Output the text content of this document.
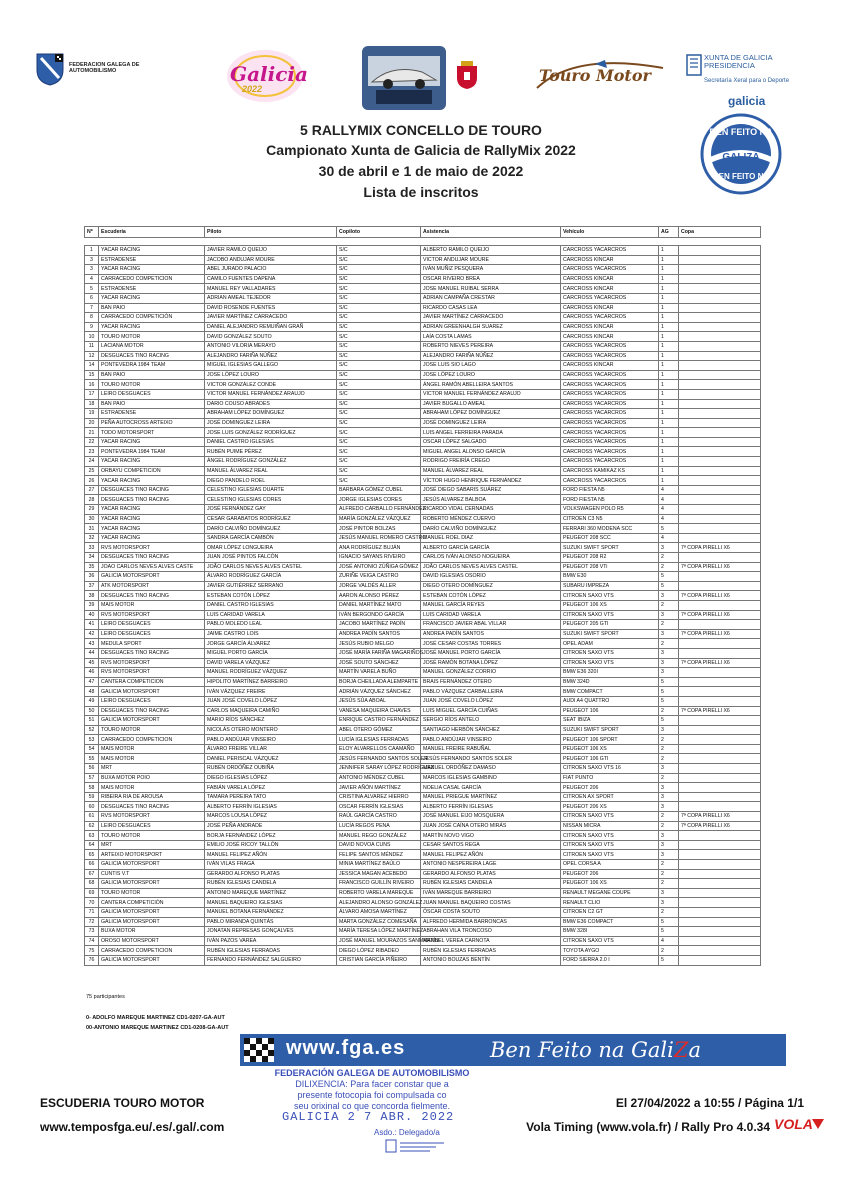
FEDERACION GALEGA DE AUTOMOBILISMO	Galicia
2022
Touro Motor
XUNTA DE GALICIA
PRESIDENCIA
Secretaría Xeral para o Deporte
galicia
BEN FEITO NA
GALIZA
BEN FEITO NA
5 RALLYMIX CONCELLO DE TOURO
Campionato Xunta de Galicia de RallyMix 2022
30 de abril e 1 de maio de 2022
Lista de inscritos
Nº	Escudería	Piloto	Copiloto	Asistencia	Vehículo	AG	Copa

1	YACAR RACING	JAVIER RAMILO QUEIJO	S/C	ALBERTO RAMILO QUEIJO	CARCROSS YACARCROS	1	
3	ESTRADENSE	JACOBO ANDUJAR MOURE	S/C	VICTOR ANDUJAR MOURE	CARCROSS KINCAR	1	
3	YACAR RACING	ABEL JURADO PALACIO	S/C	IVÁN MUÑIZ PESQUERA	CARCROSS YACARCROS	1	
4	CARRACEDO COMPETICION	CAMILO FUENTES DAPENA	S/C	OSCAR RIVEIRO BREA	CARCROSS KINCAR	1	
5	ESTRADENSE	MANUEL REY VALLADARES	S/C	JOSE MANUEL RUIBAL SERRA	CARCROSS KINCAR	1	
6	YACAR RACING	ADRIAN AMEAL TEJEDOR	S/C	ADRIAN CAMPAÑA CRESTAR	CARCROSS YACARCROS	1	
7	BAN PAIO	DAVID ROSENDE FUENTES	S/C	RICARDO CASAS LEA	CARCROSS KINCAR	1	
8	CARRACEDO COMPETICIÓN	JAVIER MARTÍNEZ CARRACEDO	S/C	JAVIER MARTÍNEZ CARRACEDO	CARCROSS YACARCROS	1	
9	YACAR RACING	DANIEL ALEJANDRO REMUIÑAN GRAÑ	S/C	ADRIAN GREENHALGH SUAREZ	CARCROSS KINCAR	1	
10	TOURO MOTOR	DAVID GONZÁLEZ SOUTO	S/C	LAÍA COSTA LAMAS	CARCROSS KINCAR	1	
11	LACIANA MOTOR	ANTONIO VILORIA MERAYO	S/C	ROBERTO NIEVES PEREIRA	CARCROSS YACARCROS	1	
12	DESGUACES TINO RACING	ALEJANDRO FARIÑA NÚÑEZ	S/C	ALEJANDRO FARIÑA NÚÑEZ	CARCROSS YACARCROS	1	
14	PONTEVEDRA 1984 TEAM	MIGUEL IGLESIAS GALLEGO	S/C	JOSE LUIS SIO LAGO	CARCROSS KINCAR	1	
15	BAN PAIO	JOSE LÓPEZ LOURO	S/C	JOSE LÓPEZ LOURO	CARCROSS YACARCROS	1	
16	TOURO MOTOR	VICTOR GONZÁLEZ CONDE	S/C	ÁNGEL RAMÓN ABELLEIRA SANTOS	CARCROSS YACARCROS	1	
17	LEIRO DESGUACES	VICTOR MANUEL FERNÁNDEZ ARAUJO	S/C	VICTOR MANUEL FERNÁNDEZ ARAUJO	CARCROSS YACARCROS	1	
18	BAN PAIO	DARIO COUSO ABRADES	S/C	JAVIER BUGALLO AMEAL	CARCROSS YACARCROS	1	
19	ESTRADENSE	ABRAHAM LÓPEZ DOMÍNGUEZ	S/C	ABRAHAM LÓPEZ DOMÍNGUEZ	CARCROSS YACARCROS	1	
20	PEÑA AUTOCROSS ARTEIXO	JOSÉ DOMINGUEZ LEIRA	S/C	JOSÉ DOMINGUEZ LEIRA	CARCROSS YACARCROS	1	
21	TODO MOTORSPORT	JOSE LUIS GONZÁLEZ RODRÍGUEZ	S/C	LUIS ANGEL FERREIRA PARADA	CARCROSS YACARCROS	1	
22	YACAR RACING	DANIEL CASTRO IGLESIAS	S/C	OSCAR LÓPEZ SALGADO	CARCROSS YACARCROS	1	
23	PONTEVEDRA 1984 TEAM	RUBÉN PUIME PÉREZ	S/C	MIGUEL ANGEL ALONSO GARCÍA	CARCROSS YACARCROS	1	
24	YACAR RACING	ÁNGEL RODRÍGUEZ GONZÁLEZ	S/C	RODRIGO FREIRÍA CREGO	CARCROSS YACARCROS	1	
25	ORBAYU COMPETICION	MANUEL ÁLVAREZ REAL	S/C	MANUEL ÁLVAREZ REAL	CARCROSS KAMIKAZ KS	1	
26	YACAR RACING	DIEGO PANDELO ROEL	S/C	VÍCTOR HUGO HENRIQUE FERNÁNDEZ	CARCROSS YACARCROS	1	
27	DESGUACES TINO RACING	CELESTINO IGLESIAS DUARTE	BARBARA GÓMEZ CUBEL	JOSÉ DIEGO SABARIS SUÁREZ	FORD FIESTA N5	4	
28	DESGUACES TINO RACING	CELESTINO IGLESIAS CORES	JORGE IGLESIAS CORES	JESÚS ALVAREZ BALBOA	FORD FIESTA N5	4	
29	YACAR RACING	JOSÉ FERNÁNDEZ GAY	ALFREDO CARBALLO FERNÁNDEZ	RICARDO VIDAL CERNADAS	VOLKSWAGEN POLO R5	4	
30	YACAR RACING	CESAR GARABATOS RODRÍGUEZ	MARÍA GONZÁLEZ VÁZQUEZ	ROBERTO MÉNDEZ CUERVO	CITROEN C3 N5	4	
31	YACAR RACING	DARÍO CALVIÑO DOMÍNGUEZ	JOSÉ PINTOR BOLZAS	DARÍO CALVIÑO DOMÍNGUEZ	FERRARI 360 MODENA SCC	5	
32	YACAR RACING	SANDRA GARCÍA CAMBÓN	JESÚS MANUEL ROMERO CASTRO	MANUEL ROEL DIAZ	PEUGEOT 208 SCC	4	
33	RVS MOTORSPORT	OMAR LÓPEZ LONGUEIRA	ANA RODRÍGUEZ BUJÁN	ALBERTO GARCÍA GARCÍA	SUZUKI SWIFT SPORT	3	7ª COPA PIRELLI X6
34	DESGUACES TINO RACING	JUAN JOSÉ PINTOS FALCÓN	IGNACIO SAYANS RIVEIRO	CARLOS IVÁN ALONSO NOGUEIRA	PEUGEOT 208 R2	2	
35	JOAO CARLOS NEVES ALVES CASTE	JOÃO CARLOS NEVES ALVES CASTEL	JOSÉ ANTONIO ZÚÑIGA GÓMEZ	JOÃO CARLOS NEVES ALVES CASTEL	PEUGEOT 208 VTi	2	7ª COPA PIRELLI X6
36	GALICIA MOTORSPORT	ÁLVARO RODRÍGUEZ GARCÍA	ZURIÑE VEIGA CASTRO	DAVID IGLESIAS OSORIO	BMW E30	5	
37	ATK MOTORSPORT	JAVIER GUTIÉRREZ SERRANO	JORGE VALDÉS ALLER	DIEGO OTERO DOMÍNGUEZ	SUBARU IMPREZA	5	
38	DESGUACES TINO RACING	ESTEBAN COTÓN LÓPEZ	AARON ALONSO PÉREZ	ESTEBAN COTÓN LÓPEZ	CITROEN SAXO VTS	3	7ª COPA PIRELLI X6
39	MAIS MOTOR	DANIEL CASTRO IGLESIAS	DANIEL MARTÍNEZ MATO	MANUEL GARCÍA REYES	PEUGEOT 106 XS	2	
40	RVS MOTORSPORT	LUIS CARIDAD VARELA	IVÁN BERGONDO GARCÍA	LUIS CARIDAD VARELA	CITROEN SAXO VTS	3	7ª COPA PIRELLI X6
41	LEIRO DESGUACES	PABLO MOLEDO LEAL	JACOBO MARTÍNEZ PADÍN	FRANCISCO JAVIER ABAL VILLAR	PEUGEOT 205 GTI	2	
42	LEIRO DESGUACES	JAIME CASTRO LOIS	ANDREA PADÍN SANTOS	ANDREA PADÍN SANTOS	SUZUKI SWIFT SPORT	3	7ª COPA PIRELLI X6
43	MEDULA SPORT	JORGE GARCÍA ÁLVAREZ	JESÚS RUBIO MELGO	JOSÉ CESAR COSTAS TORRES	OPEL ADAM	2	
44	DESGUACES TINO RACING	MIGUEL PORTO GARCÍA	JOSÉ MARÍA FARIÑA MAGARIÑOS	JOSÉ MANUEL PORTO GARCÍA	CITROEN SAXO VTS	3	
45	RVS MOTORSPORT	DAVID VARELA VÁZQUEZ	JOSÉ SOUTO SÁNCHEZ	JOSÉ RAMÓN BOTANA LÓPEZ	CITROEN SAXO VTS	3	7ª COPA PIRELLI X6
46	RVS MOTORSPORT	MANUEL RODRÍGUEZ VÁZQUEZ	MARTÍN VARELA BUÑO	MANUEL GONZÁLEZ CORRIO	BMW E36 320I	3	
47	CANTERA COMPETICION	HIPOLITO MARTÍNEZ BARREIRO	BORJA CHEILLADA ALEMPARTE	BRAIS FERNÁNDEZ OTERO	BMW 324D	5	
48	GALICIA MOTORSPORT	IVÁN VÁZQUEZ FREIRE	ADRIÁN VÁZQUEZ SÁNCHEZ	PABLO VÁZQUEZ CARBALLEIRA	BMW COMPACT	5	
49	LEIRO DESGUACES	JUAN JOSÉ COVELO LÓPEZ	JESÚS SÚA ABOAL	JUAN JOSÉ COVELO LÓPEZ	AUDI A4 QUATTRO	5	
50	DESGUACES TINO RACING	CARLOS MAQUEIRA CAMIÑO	VANESA MAQUEIRA CHAVES	LUIS MIGUEL GARCÍA CUIÑAS	PEUGEOT 106	2	7ª COPA PIRELLI X6
51	GALICIA MOTORSPORT	MARIO RÍOS SÁNCHEZ	ENRIQUE CASTRO FERNÁNDEZ	SERGIO RÍOS ANTELO	SEAT IBIZA	5	
52	TOURO MOTOR	NICOLÁS OTERO MONTERO	ABEL OTERO GÓMEZ	SANTIAGO HERBÓN SÁNCHEZ	SUZUKI SWIFT SPORT	3	
53	CARRACEDO COMPETICION	PABLO ANDÚJAR VINSEIRO	LUCÍA IGLESIAS FERRADAS	PABLO ANDÚJAR VINSEIRO	PEUGEOT 106 SPORT	2	
54	MAIS MOTOR	ÁLVARO FREIRE VILLAR	ELOY ALVARELLOS CAAMAÑO	MANUEL FREIRE RABUÑAL	PEUGEOT 106 XS	2	
55	MAIS MOTOR	DANIEL PERISCAL VÁZQUEZ	JESÚS FERNANDO SANTOS SOLER	JESÚS FERNANDO SANTOS SOLER	PEUGEOT 106 GTI	2	
56	MRT	RUBÉN ORDÓÑEZ OUBIÑA	JENNIFER SARAY LÓPEZ RODRÍGUEZ	MANUEL ORDÓÑEZ DAMASO	CITROEN SAXO VTS 16	3	
57	BUXA MOTOR POIO	DIEGO IGLESIAS LÓPEZ	ANTONIO MÉNDEZ CUBEL	MARCOS IGLESIAS GAMBINO	FIAT PUNTO	2	
58	MAIS MOTOR	FABIÁN VARELA LÓPEZ	JAVIER AÑÓN MARTÍNEZ	NOELIA CASAL GARCÍA	PEUGEOT 206	3	
59	RIBEIRA RIA DE AROUSA	TAMARA PEREIRA TATO	CRISTINA ALVAREZ HIERRO	MANUEL PRIEGUE MARTÍNEZ	CITROEN AX SPORT	3	
60	DESGUACES TINO RACING	ALBERTO FERRÍN IGLESIAS	OSCAR FERRÍN IGLESIAS	ALBERTO FERRÍN IGLESIAS	PEUGEOT 206 XS	3	
61	RVS MOTORSPORT	MARCOS LOUSA LÓPEZ	RAÚL GARCÍA CASTRO	JOSÉ MANUEL EIJO MOSQUERA	CITROEN SAXO VTS	2	7ª COPA PIRELLI X6
62	LEIRO DESGUACES	JOSÉ PEÑA ANDRADE	LUCÍA REGOS PENA	JUAN JOSÉ CAÍNA OTERO MIRÁS	NISSAN MICRA	2	7ª COPA PIRELLI X6
63	TOURO MOTOR	BORJA FERNÁNDEZ LÓPEZ	MANUEL REGO GONZÁLEZ	MARTÍN NOVO VIGO	CITROEN SAXO VTS	3	
64	MRT	EMILIO JOSÉ RICOY TALLÓN	DAVID NOVOA CUNS	CESAR SANTOS REGA	CITROEN SAXO VTS	3	
65	ARTEIXO MOTORSPORT	MANUEL FELIPEZ AÑÓN	FELIPE SANTOS MÉNDEZ	MANUEL FELIPEZ AÑÓN	CITROEN SAXO VTS	3	
66	GALICIA MOTORSPORT	IVÁN VILAS FRAGA	MINIA MARTÍNEZ BAÚLO	ANTONIO NESPEREIRA LAGE	OPEL CORSA A	2	
67	CUNTIS V.T	GERARDO ALFONSO PLATAS	JESSICA MAGAN ACEBEDO	GERARDO ALFONSO PLATAS	PEUGEOT 206	2	
68	GALICIA MOTORSPORT	RUBÉN IGLESIAS CANDELA	FRANCISCO GUILLÍN RIVEIRO	RUBÉN IGLESIAS CANDELA	PEUGEOT 106 XS	2	
69	TOURO MOTOR	ANTONIO MAREQUE MARTÍNEZ	ROBERTO VARELA MAREQUE	IVÁN MAREQUE BARREIRO	RENAULT MEGANE COUPE	3	
70	CANTERA COMPETICIÓN	MANUEL BAQUEIRO IGLESIAS	ALEJANDRO ALONSO GONZÁLEZ	JUAN MANUEL BAQUEIRO COSTAS	RENAULT CLIO	3	
71	GALICIA MOTORSPORT	MANUEL BOTANA FERNÁNDEZ	ÁLVARO AMOSA MARTÍNEZ	ÓSCAR COSTA SOUTO	CITROEN C2 GT	2	
72	GALICIA MOTORSPORT	PABLO MIRANDA QUINTÁS	MARTA GONZÁLEZ COMESAÑA	ALFREDO HERMIDA BARRONCAS	BMW E36 COMPACT	5	
73	BUXA MOTOR	JONATAN REPRESAS GONÇALVES	MARÍA TERESA LÓPEZ MARTÍNEZ	ABRAHAN VILA TRONCOSO	BMW 328I	5	
74	OROSO MOTORSPORT	IVÁN PAZOS VAREA	JOSÉ MANUEL MOURAZOS SANMARTÍN	MANUEL VEREA CARNOTA	CITROEN SAXO VTS	4	
75	CARRACEDO COMPETICION	RUBÉN IGLESIAS FERRADAS	DIEGO LÓPEZ RIBADEO	RUBÉN IGLESIAS FERRADAS	TOYOTA AYGO	2	
76	GALICIA MOTORSPORT	FERNANDO FERNÁNDEZ SALGUEIRO	CRISTIAN GARCÍA PIÑEIRO	ANTONIO BOUZAS BENTÍN	FORD SIERRA 2.0 I	5	
75 participantes
0- ADOLFO MAREQUE MARTINEZ CD1-0207-GA-AUT
00-ANTONIO MAREQUE MARTINEZ CD1-0208-GA-AUT
www.fga.es	Ben Feito na GaliZa
FEDERACIÓN GALEGA DE AUTOMOBILISMO
DILIXENCIA: Para facer constar que a
presente fotocopia foi compulsada co
seu orixinal co que concorda fielmente.
GALICIA 2 7 ABR. 2022
Asdo.: Delegado/a
ESCUDERIA TOURO MOTOR
www.temposfga.eu/.es/.gal/.com
El 27/04/2022 a 10:55 / Página 1/1
Vola Timing (www.vola.fr) / Rally Pro 4.0.34 VOLA
